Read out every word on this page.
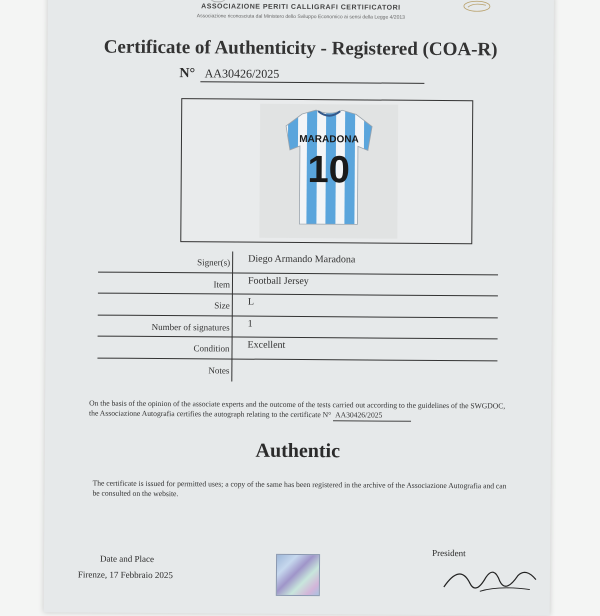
ASSOCIAZIONE PERITI CALLIGRAFI CERTIFICATORI
Associazione riconosciuta dal Ministero dello Sviluppo Economico ai sensi della Legge 4/2013
Certificate of Authenticity - Registered (COA-R)
N° AA30426/2025
MARADONA
10
Signer(s) Diego Armando Maradona
Item Football Jersey
Size L
Number of signatures 1
Condition Excellent
Notes
On the basis of the opinion of the associate experts and the outcome of the tests carried out according to the guidelines of the SWGDOC, the Associazione Autografia certifies the autograph relating to the certificate N° AA30426/2025
Authentic
The certificate is issued for permitted uses; a copy of the same has been registered in the archive of the Associazione Autografia and can be consulted on the website.
Date and Place
Firenze, 17 Febbraio 2025
President
